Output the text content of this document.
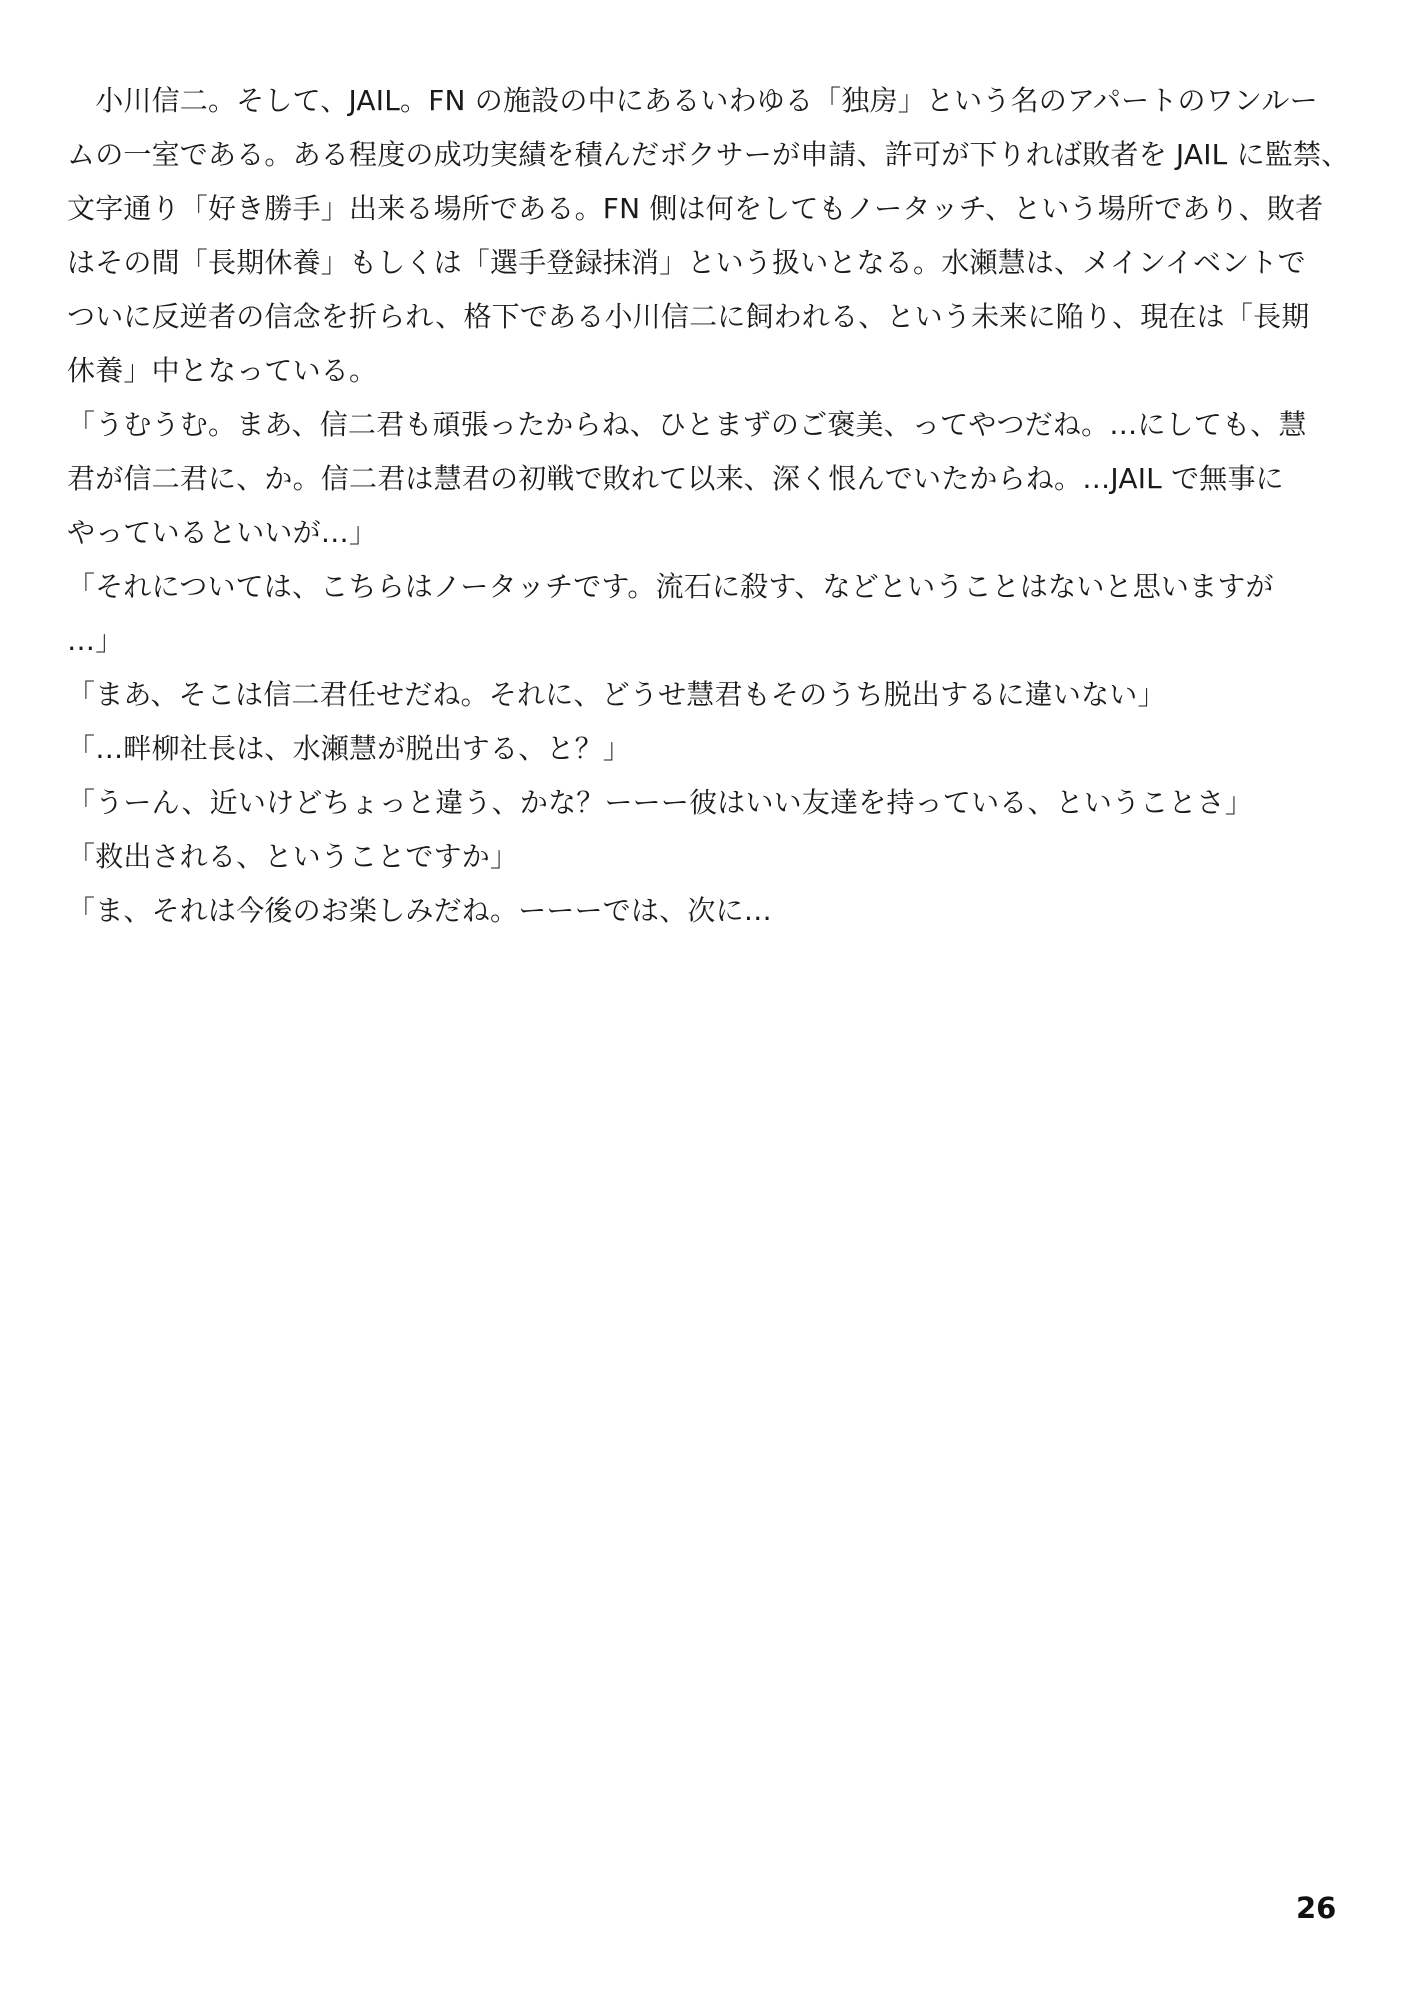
　小川信二。そして、JAIL。FN の施設の中にあるいわゆる「独房」という名のアパートのワンルー
ムの一室である。ある程度の成功実績を積んだボクサーが申請、許可が下りれば敗者を JAIL に監禁、
文字通り「好き勝手」出来る場所である。FN 側は何をしてもノータッチ、という場所であり、敗者
はその間「長期休養」もしくは「選手登録抹消」という扱いとなる。水瀬慧は、メインイベントで
ついに反逆者の信念を折られ、格下である小川信二に飼われる、という未来に陥り、現在は「長期
休養」中となっている。
「うむうむ。まあ、信二君も頑張ったからね、ひとまずのご褒美、ってやつだね。…にしても、慧
君が信二君に、か。信二君は慧君の初戦で敗れて以来、深く恨んでいたからね。…JAIL で無事に
やっているといいが…」
「それについては、こちらはノータッチです。流石に殺す、などということはないと思いますが
…」
「まあ、そこは信二君任せだね。それに、どうせ慧君もそのうち脱出するに違いない」
「…畔柳社長は、水瀬慧が脱出する、と？」
「うーん、近いけどちょっと違う、かな？ーーー彼はいい友達を持っている、ということさ」
「救出される、ということですか」
「ま、それは今後のお楽しみだね。ーーーでは、次に…
26
